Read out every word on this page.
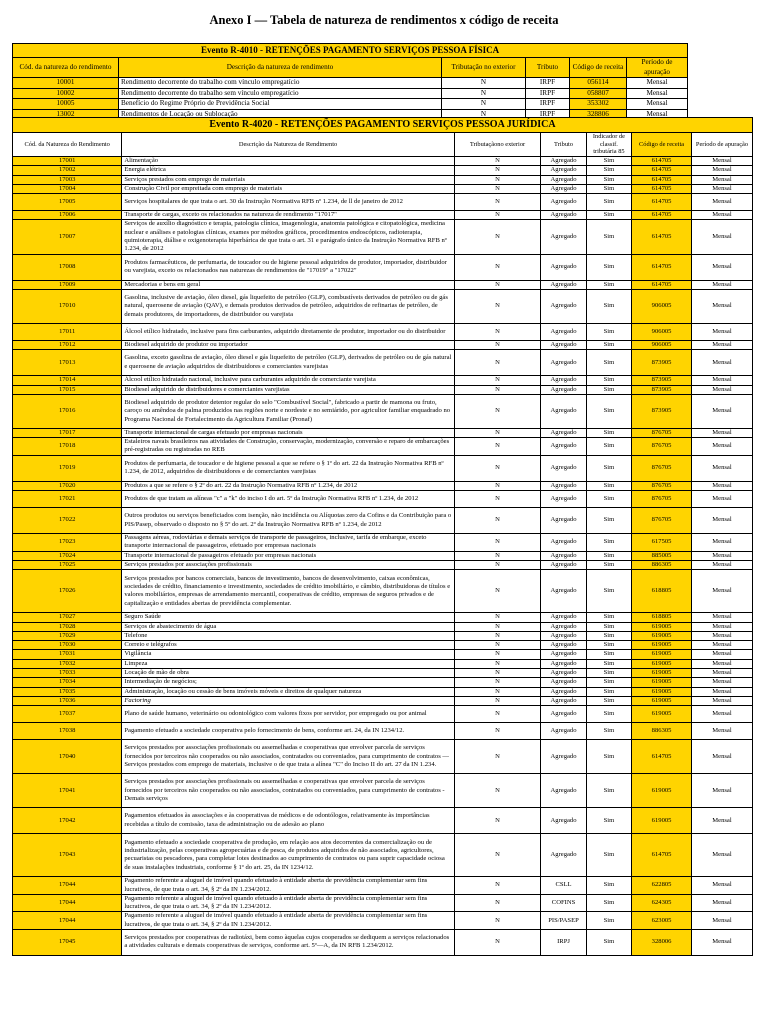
Anexo I — Tabela de natureza de rendimentos x código de receita
Evento R-4010 - RETENÇÕES PAGAMENTO SERVIÇOS PESSOA FÍSICA					
Cód. da natureza do rendimento	Descrição da natureza de rendimento	Tributação no exterior	Tributo	Código de receita	Período de apuração
10001	Rendimento decorrente do trabalho com vínculo empregatício	N	IRPF	056114	Mensal
10002	Rendimento decorrente do trabalho sem vínculo empregatício	N	IRPF	058807	Mensal
10005	Benefício do Regime Próprio de Previdência Social	N	IRPF	353302	Mensal
13002	Rendimentos de Locação ou Sublocação	N	IRPF	328806	Mensal
Evento R-4020 - RETENÇÕES PAGAMENTO SERVIÇOS PESSOA JURÍDICA						
Cód. da Natureza do Rendimento	Descrição da Natureza de Rendimento	Tributaçãono exterior	Tributo	Indicador de classif. tributária 85	Código de receita	Período de apuração
17001	Alimentação	N	Agregado	Sim	614705	Mensal
17002	Energia elétrica	N	Agregado	Sim	614705	Mensal
17003	Serviços prestados com emprego de materiais	N	Agregado	Sim	614705	Mensal
17004	Construção Civil por empreitada com emprego de materiais	N	Agregado	Sim	614705	Mensal
17005	Serviços hospitalares de que trata o art. 30 da Instrução Normativa RFB nº 1.234, de ll de janeiro de 2012	N	Agregado	Sim	614705	Mensal
17006	Transporte de cargas, exceto os relacionados na natureza de rendimento "17017"	N	Agregado	Sim	614705	Mensal
17007	Serviços de auxílio diagnóstico e terapia, patologia clínica, imagenologia, anatomia patológica e citopatológica, medicina nuclear e análises e patologias clínicas, exames por métodos gráficos, procedimentos endoscópicos, radioterapia, quimioterapia, diálise e oxigenoterapia hiperbárica de que trata o art. 31 e parágrafo único da Instrução Normativa RFB nº 1.234, de 2012	N	Agregado	Sim	614705	Mensal
17008	Produtos farmacêuticos, de perfumaria, de toucador ou de higiene pessoal adquiridos de produtor, importador, distribuidor ou varejista, exceto os relacionados nas naturezas de rendimentos de "17019" a "17022"	N	Agregado	Sim	614705	Mensal
17009	Mercadorias e bens em geral	N	Agregado	Sim	614705	Mensal
17010	Gasolina, inclusive de aviação, óleo diesel, gás liquefeito de petróleo (GLP), combustíveis derivados de petróleo ou de gás natural, querosene de aviação (QAV), e demais produtos derivados de petróleo, adquiridos de refinarias de petróleo, de demais produtores, de importadores, de distribuidor ou varejista	N	Agregado	Sim	906005	Mensal
17011	Álcool etílico hidratado, inclusive para fins carburantes, adquirido diretamente de produtor, importador ou do distribuidor	N	Agregado	Sim	906005	Mensal
17012	Biodiesel adquirido de produtor ou importador	N	Agregado	Sim	906005	Mensal
17013	Gasolina, exceto gasolina de aviação, óleo diesel e gás liquefeito de petróleo (GLP), derivados de petróleo ou de gás natural e querosene de aviação adquiridos de distribuidores e comerciantes varejistas	N	Agregado	Sim	873905	Mensal
17014	Álcool etílico hidratado nacional, inclusive para carburantes adquirido de comerciante varejista	N	Agregado	Sim	873905	Mensal
17015	Biodiesel adquirido de distribuidores e comerciantes varejistas	N	Agregado	Sim	873905	Mensal
17016	Biodiesel adquirido de produtor detentor regular do selo "Combustível Social", fabricado a partir de mamona ou fruto, caroço ou amêndoa de palma produzidos nas regiões norte e nordeste e no semiárido, por agricultor familiar enquadrado no Programa Nacional de Fortalecimento da Agricultura Familiar (Pronaf)	N	Agregado	Sim	873905	Mensal
17017	Transporte internacional de cargas efetuado por empresas nacionais	N	Agregado	Sim	876705	Mensal
17018	Estaleiros navais brasileiros nas atividades de Construção, conservação, modernização, conversão e reparo de embarcações pré-registradas ou registradas no REB	N	Agregado	Sim	876705	Mensal
17019	Produtos de perfumaria, de toucador e de higiene pessoal a que se refere o § 1º do art. 22 da Instrução Normativa RFB nº 1.234, de 2012, adquiridos de distribuidores e de comerciantes varejistas	N	Agregado	Sim	876705	Mensal
17020	Produtos a que se refere o § 2º do art. 22 da Instrução Normativa RFB nº 1.234, de 2012	N	Agregado	Sim	876705	Mensal
17021	Produtos de que tratam as alíneas "c" a "k" do inciso I do art. 5º da Instrução Normativa RFB nº 1.234, de 2012	N	Agregado	Sim	876705	Mensal
17022	Outros produtos ou serviços beneficiados com isenção, não incidência ou Alíquotas zero da Cofins e da Contribuição para o PIS/Pasep, observado o disposto no § 5º do art. 2º da Instrução Normativa RFB nº 1.234, de 2012	N	Agregado	Sim	876705	Mensal
17023	Passagens aéreas, rodoviárias e demais serviços de transporte de passageiros, inclusive, tarifa de embarque, exceto transporte internacional de passageiros, efetuado por empresas nacionais	N	Agregado	Sim	617505	Mensal
17024	Transporte internacional de passageiros efetuado por empresas nacionais	N	Agregado	Sim	885005	Mensal
17025	Serviços prestados por associações profissionais	N	Agregado	Sim	886305	Mensal
17026	Serviços prestados por bancos comerciais, bancos de investimento, bancos de desenvolvimento, caixas econômicas, sociedades de crédito, financiamento e investimento, sociedades de crédito imobiliário, e câmbio, distribuidoras de títulos e valores mobiliários, empresas de arrendamento mercantil, cooperativas de crédito, empresas de seguros privados e de capitalização e entidades abertas de previdência complementar.	N	Agregado	Sim	618805	Mensal
17027	Seguro Saúde	N	Agregado	Sim	618805	Mensal
17028	Serviços de abastecimento de água	N	Agregado	Sim	619005	Mensal
17029	Telefone	N	Agregado	Sim	619005	Mensal
17030	Correio e telégrafos	N	Agregado	Sim	619005	Mensal
17031	Vigilância	N	Agregado	Sim	619005	Mensal
17032	Limpeza	N	Agregado	Sim	619005	Mensal
17033	Locação de mão de obra	N	Agregado	Sim	619005	Mensal
17034	Intermediação de negócios;	N	Agregado	Sim	619005	Mensal
17035	Administração, locação ou cessão de bens imóveis móveis e direitos de qualquer natureza	N	Agregado	Sim	619005	Mensal
17036	Factoring	N	Agregado	Sim	619005	Mensal
17037	Plano de saúde humano, veterinário ou odontológico com valores fixos por servidor, por empregado ou por animal	N	Agregado	Sim	619005	Mensal
17038	Pagamento efetuado a sociedade cooperativa pelo fornecimento de bens, conforme art. 24, da IN 1234/12.	N	Agregado	Sim	886305	Mensal
17040	Serviços prestados por associações profissionais ou assemelhadas e cooperativas que envolver parcela de serviços fornecidos por terceiros não cooperados ou não associados, contratados ou conveniados, para cumprimento de contratos — Serviços prestados com emprego de materiais, inclusive o de que trata a alínea "C" do Inciso II do art. 27 da IN 1.234.	N	Agregado	Sim	614705	Mensal
17041	Serviços prestados por associações profissionais ou assemelhadas e cooperativas que envolver parcela de serviços fornecidos por terceiros não cooperados ou não associados, contratados ou conveniados, para cumprimento de contratos - Demais serviços	N	Agregado	Sim	619005	Mensal
17042	Pagamentos efetuados às associações e às cooperativas de médicos e de odontólogos, relativamente às importâncias recebidas a título de comissão, taxa de administração ou de adesão ao plano	N	Agregado	Sim	619005	Mensal
17043	Pagamento efetuado a sociedade cooperativa de produção, em relação aos atos decorrentes da comercialização ou de industrialização, pelas cooperativas agropecuárias e de pesca, de produtos adquiridos de não associados, agricultores, pecuaristas ou pescadores, para completar lotes destinados ao cumprimento de contratos ou para suprir capacidade ociosa de suas instalações industriais, conforme § 1º do art. 25, da IN 1234/12.	N	Agregado	Sim	614705	Mensal
17044	Pagamento referente a aluguel de imóvel quando efetuado à entidade aberta de previdência complementar sem fins lucrativos, de que trata o art. 34, § 2º da IN 1.234/2012.	N	CSLL	Sim	622805	Mensal
17044	Pagamento referente a aluguel de imóvel quando efetuado à entidade aberta de previdência complementar sem fins lucrativos, de que trata o art. 34, § 2º da IN 1.234/2012.	N	COFINS	Sim	624305	Mensal
17044	Pagamento referente a aluguel de imóvel quando efetuado à entidade aberta de previdência complementar sem fins lucrativos, de que trata o art. 34, § 2º da IN 1.234/2012.	N	PIS/PASEP	Sim	623005	Mensal
17045	Serviços prestados por cooperativas de radiotáxi, bem como àquelas cujos cooperados se dediquem a serviços relacionados a atividades culturais e demais cooperativas de serviços, conforme art. 5º—A, da IN RFB 1.234/2012.	N	IRPJ	Sim	328006	Mensal
